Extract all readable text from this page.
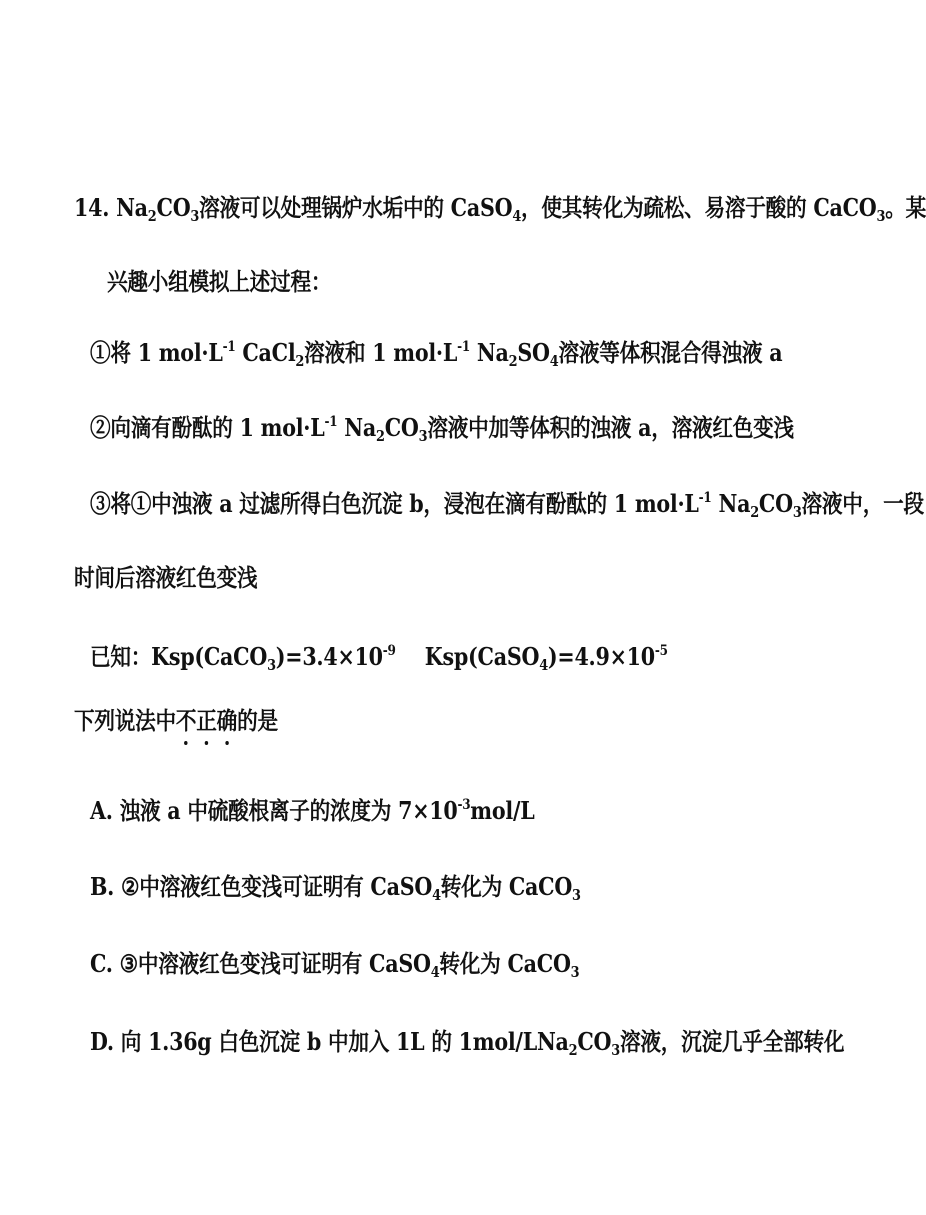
14. $Na_2CO_3$溶液可以处理锅炉水垢中的 CaSO$_4$，使其转化为疏松、易溶于酸的 CaCO$_3$。某
兴趣小组模拟上述过程：
①将 1 $mol\cdot L^{-1}$ CaCl$_2$溶液和 1 $mol\cdot L^{-1}$ $Na_2SO_4$溶液等体积混合得浊液 a
②向滴有酚酞的 1 $mol\cdot L^{-1}$ $Na_2CO_3$溶液中加等体积的浊液 a，溶液红色变浅
③将①中浊液 a 过滤所得白色沉淀 b，浸泡在滴有酚酞的 1 $mol\cdot L^{-1}$ $Na_2CO_3$溶液中，一段
时间后溶液红色变浅
已知：$Ksp(CaCO_3)=3.4\times 10^{-9}$ $Ksp(CaSO_4)=4.9\times 10^{-5}$
下列说法中不
正
确
的是
A. 浊液 a 中硫酸根离子的浓度为 $7\times 10^{-3}mol/L$
B. ②中溶液红色变浅可证明有 CaSO$_4$转化为 CaCO$_3$
C. ③中溶液红色变浅可证明有 CaSO$_4$转化为 CaCO$_3$
D. 向 1.36g 白色沉淀 b 中加入 1L 的 $1mol/LNa_2CO_3$溶液，沉淀几乎全部转化
